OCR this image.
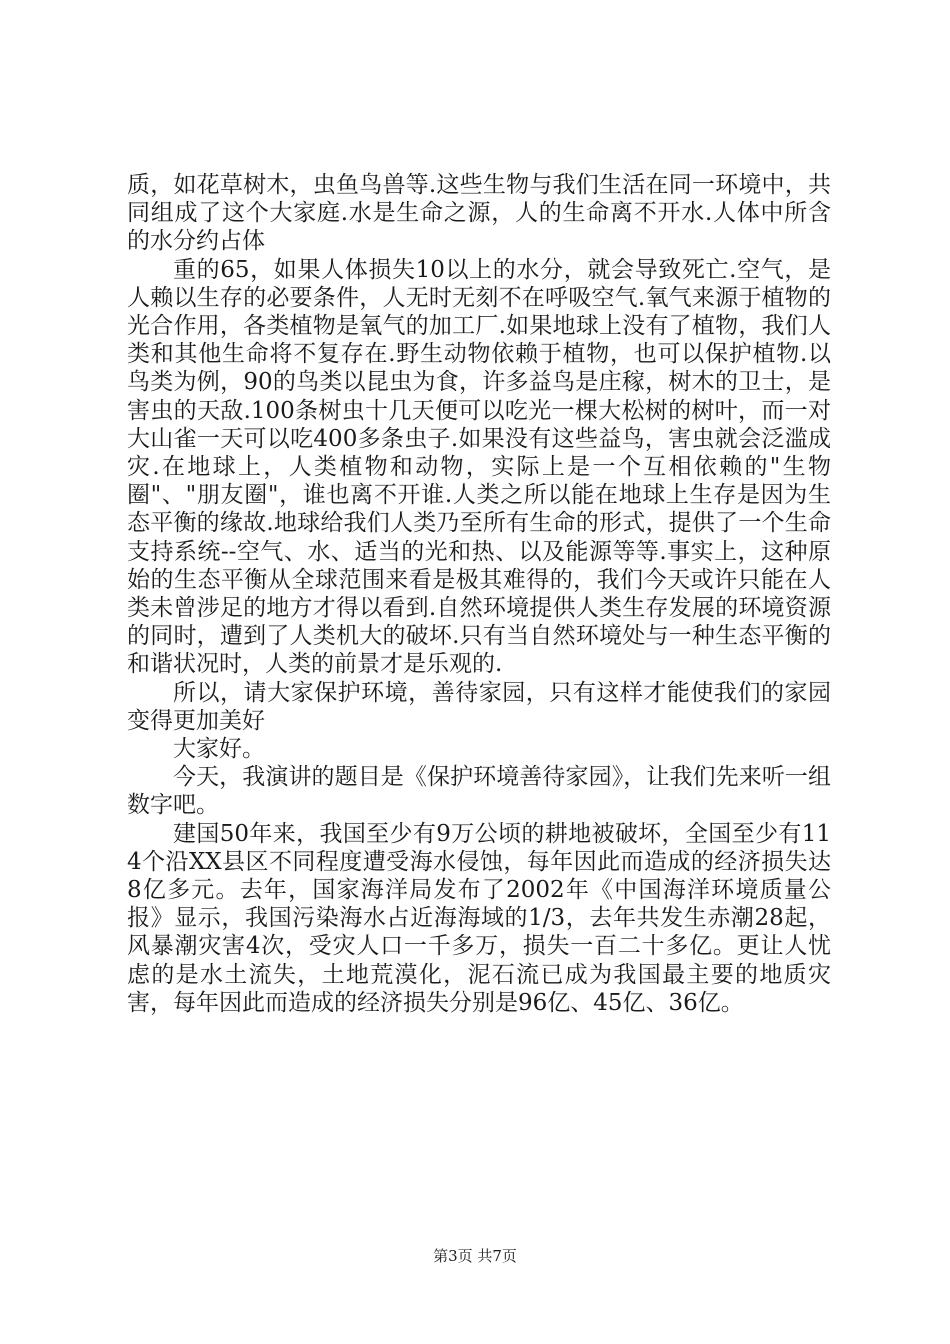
质，如花草树木，虫鱼鸟兽等.这些生物与我们生活在同一环境中，共同组成了这个大家庭.水是生命之源，人的生命离不开水.人体中所含的水分约占体

重的65，如果人体损失10以上的水分，就会导致死亡.空气，是人赖以生存的必要条件，人无时无刻不在呼吸空气.氧气来源于植物的光合作用，各类植物是氧气的加工厂.如果地球上没有了植物，我们人类和其他生命将不复存在.野生动物依赖于植物，也可以保护植物.以鸟类为例，90的鸟类以昆虫为食，许多益鸟是庄稼，树木的卫士，是害虫的天敌.100条树虫十几天便可以吃光一棵大松树的树叶，而一对大山雀一天可以吃400多条虫子.如果没有这些益鸟，害虫就会泛滥成灾.在地球上，人类植物和动物，实际上是一个互相依赖的"生物圈"、"朋友圈"，谁也离不开谁.人类之所以能在地球上生存是因为生态平衡的缘故.地球给我们人类乃至所有生命的形式，提供了一个生命支持系统--空气、水、适当的光和热、以及能源等等.事实上，这种原始的生态平衡从全球范围来看是极其难得的，我们今天或许只能在人类未曾涉足的地方才得以看到.自然环境提供人类生存发展的环境资源的同时，遭到了人类机大的破坏.只有当自然环境处与一种生态平衡的和谐状况时，人类的前景才是乐观的.

所以，请大家保护环境，善待家园，只有这样才能使我们的家园变得更加美好

大家好。

今天，我演讲的题目是《保护环境善待家园》，让我们先来听一组数字吧。

建国50年来，我国至少有9万公顷的耕地被破坏，全国至少有114个沿XX县区不同程度遭受海水侵蚀，每年因此而造成的经济损失达8亿多元。去年，国家海洋局发布了2002年《中国海洋环境质量公报》显示，我国污染海水占近海海域的1/3，去年共发生赤潮28起，风暴潮灾害4次，受灾人口一千多万，损失一百二十多亿。更让人忧虑的是水土流失，土地荒漠化，泥石流已成为我国最主要的地质灾害，每年因此而造成的经济损失分别是96亿、45亿、36亿。

第3页 共7页
